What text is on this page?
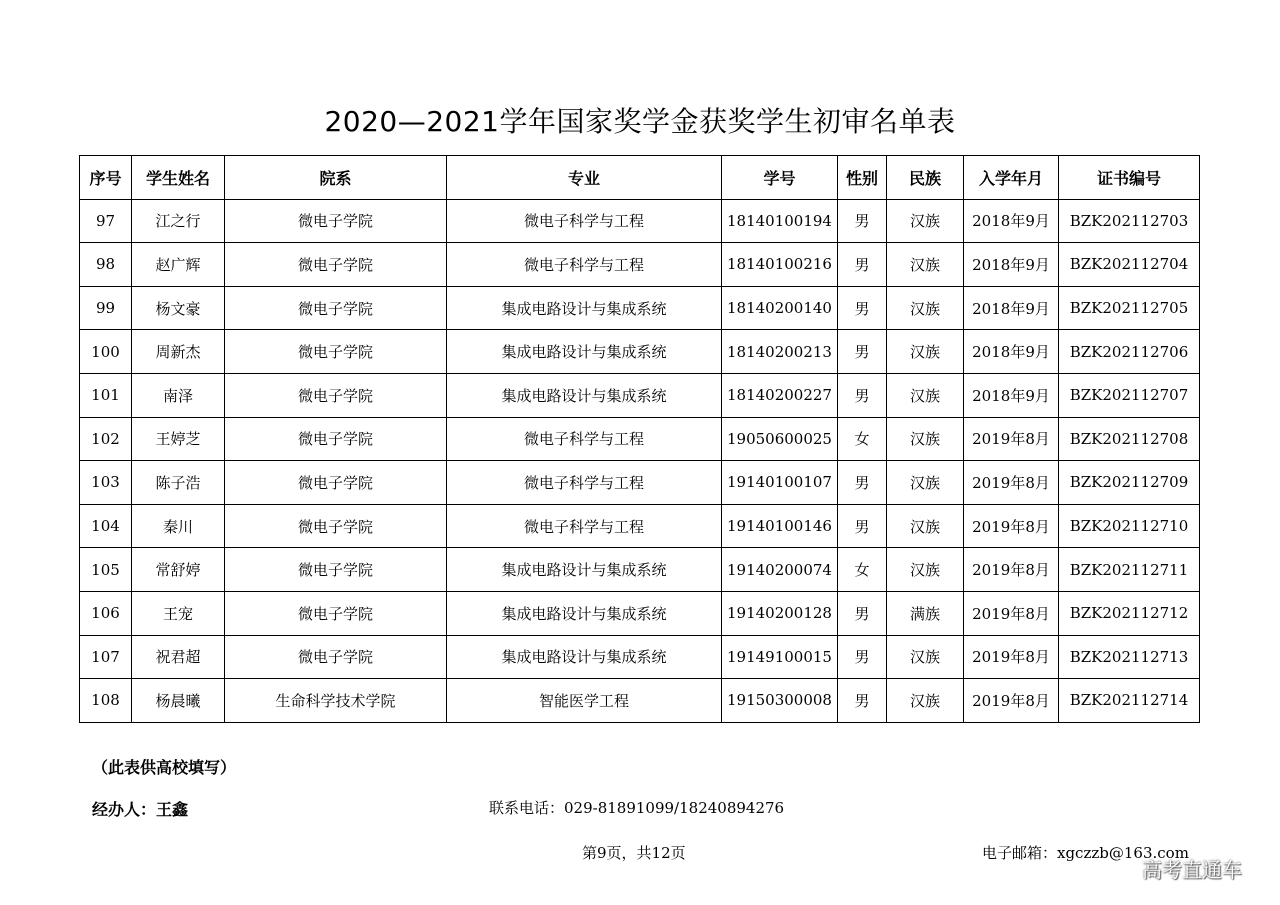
2020—2021学年国家奖学金获奖学生初审名单表
序号	学生姓名	院系	专业	学号	性别	民族	入学年月	证书编号
97	江之行	微电子学院	微电子科学与工程	18140100194	男	汉族	2018年9月	BZK202112703
98	赵广辉	微电子学院	微电子科学与工程	18140100216	男	汉族	2018年9月	BZK202112704
99	杨文豪	微电子学院	集成电路设计与集成系统	18140200140	男	汉族	2018年9月	BZK202112705
100	周新杰	微电子学院	集成电路设计与集成系统	18140200213	男	汉族	2018年9月	BZK202112706
101	南泽	微电子学院	集成电路设计与集成系统	18140200227	男	汉族	2018年9月	BZK202112707
102	王婷芝	微电子学院	微电子科学与工程	19050600025	女	汉族	2019年8月	BZK202112708
103	陈子浩	微电子学院	微电子科学与工程	19140100107	男	汉族	2019年8月	BZK202112709
104	秦川	微电子学院	微电子科学与工程	19140100146	男	汉族	2019年8月	BZK202112710
105	常舒婷	微电子学院	集成电路设计与集成系统	19140200074	女	汉族	2019年8月	BZK202112711
106	王宠	微电子学院	集成电路设计与集成系统	19140200128	男	满族	2019年8月	BZK202112712
107	祝君超	微电子学院	集成电路设计与集成系统	19149100015	男	汉族	2019年8月	BZK202112713
108	杨晨曦	生命科学技术学院	智能医学工程	19150300008	男	汉族	2019年8月	BZK202112714
（此表供高校填写）
经办人：王鑫	联系电话：029-81891099/18240894276
第9页，共12页	电子邮箱：xgczzb@163.com
高考直通车
